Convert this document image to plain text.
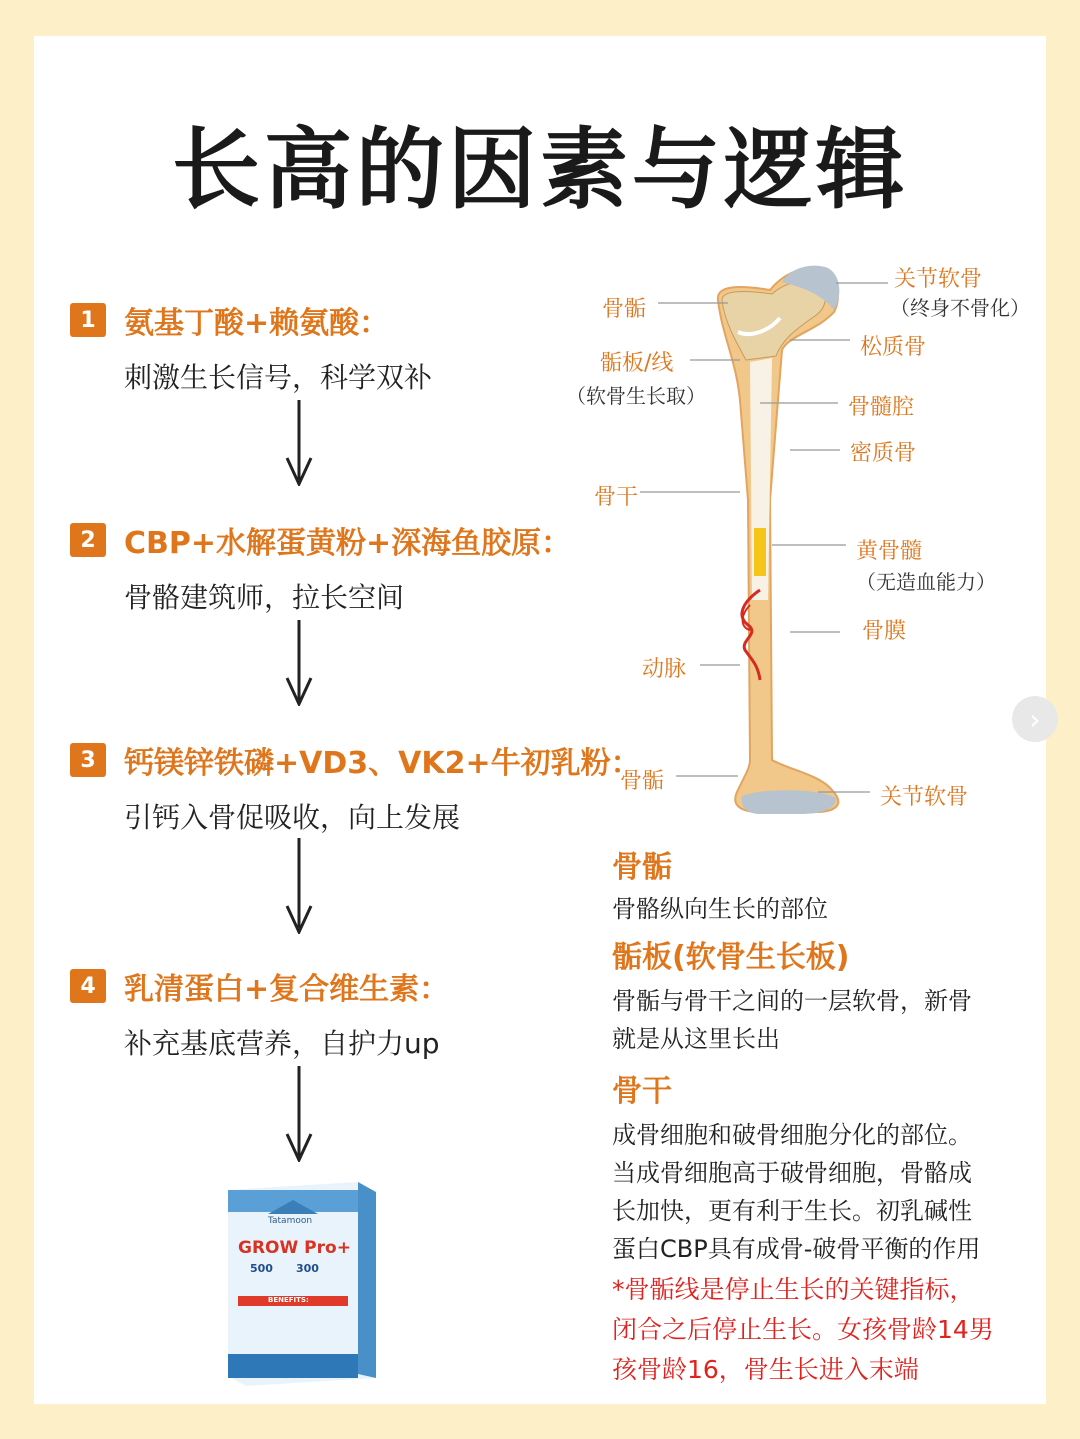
长高的因素与逻辑
1 氨基丁酸+赖氨酸：
刺激生长信号，科学双补
2 CBP+水解蛋黄粉+深海鱼胶原：
骨骼建筑师，拉长空间
3 钙镁锌铁磷+VD3、VK2+牛初乳粉：
引钙入骨促吸收，向上发展
4 乳清蛋白+复合维生素：
补充基底营养，自护力up
关节软骨
（终身不骨化）
骨骺
骺板/线
（软骨生长取）
松质骨
骨髓腔
密质骨
骨干
黄骨髓
（无造血能力）
骨膜
动脉
骨骺
关节软骨
›
骨骺
骨骼纵向生长的部位
骺板(软骨生长板)
骨骺与骨干之间的一层软骨，新骨
就是从这里长出
骨干
成骨细胞和破骨细胞分化的部位。
当成骨细胞高于破骨细胞，骨骼成
长加快，更有利于生长。初乳碱性
蛋白CBP具有成骨-破骨平衡的作用
*骨骺线是停止生长的关键指标，
闭合之后停止生长。女孩骨龄14男
孩骨龄16，骨生长进入末端
Tatamoon
GROW Pro+
500 300
BENEFITS:
